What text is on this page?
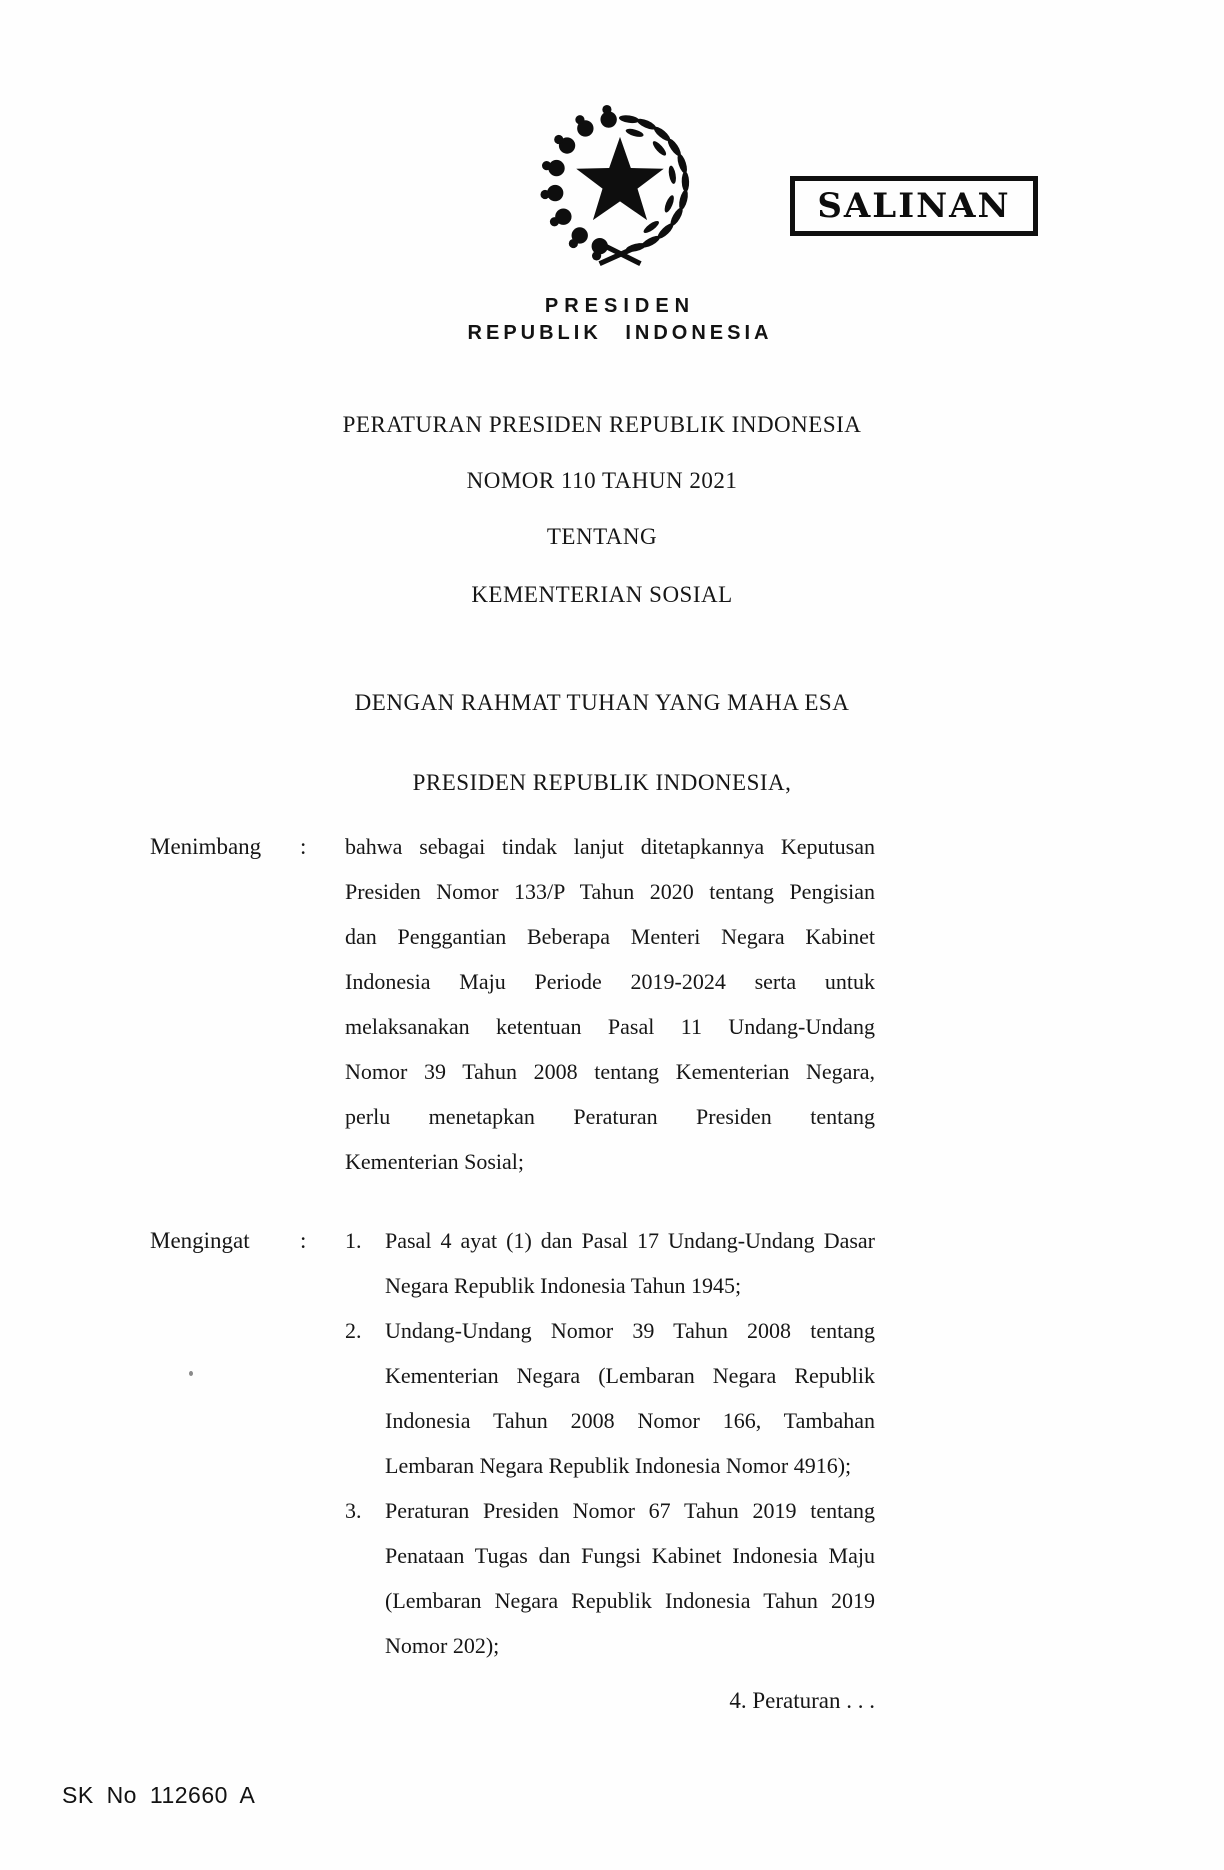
SALINAN
PRESIDEN
REPUBLIK INDONESIA
PERATURAN PRESIDEN REPUBLIK INDONESIA
NOMOR 110 TAHUN 2021
TENTANG
KEMENTERIAN SOSIAL
DENGAN RAHMAT TUHAN YANG MAHA ESA
PRESIDEN REPUBLIK INDONESIA,
Menimbang : bahwa sebagai tindak lanjut ditetapkannya Keputusan
Presiden Nomor 133/P Tahun 2020 tentang Pengisian
dan Penggantian Beberapa Menteri Negara Kabinet
Indonesia Maju Periode 2019-2024 serta untuk
melaksanakan ketentuan Pasal 11 Undang-Undang
Nomor 39 Tahun 2008 tentang Kementerian Negara,
perlu menetapkan Peraturan Presiden tentang
Kementerian Sosial;
Mengingat : 1.	Pasal 4 ayat (1) dan Pasal 17 Undang-Undang Dasar
Negara Republik Indonesia Tahun 1945;
2.	Undang-Undang Nomor 39 Tahun 2008 tentang
Kementerian Negara (Lembaran Negara Republik
Indonesia Tahun 2008 Nomor 166, Tambahan
Lembaran Negara Republik Indonesia Nomor 4916);
3.	Peraturan Presiden Nomor 67 Tahun 2019 tentang
Penataan Tugas dan Fungsi Kabinet Indonesia Maju
(Lembaran Negara Republik Indonesia Tahun 2019
Nomor 202);
4. Peraturan . . .
SK No 112660 A
